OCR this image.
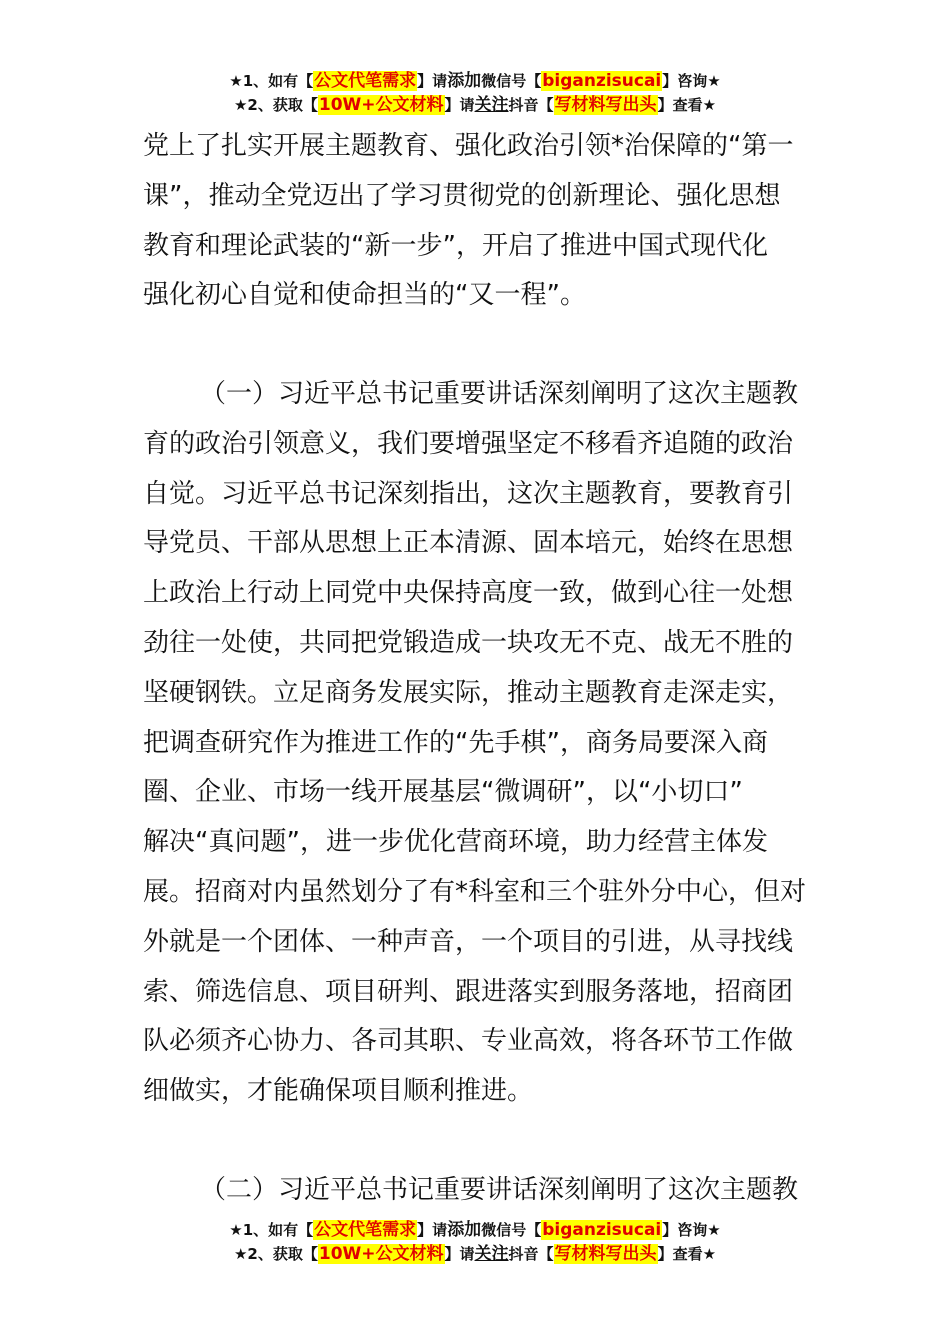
★1、如有【公文代笔需求】请添加微信号【biganzisucai】咨询★
★2、获取【10W+公文材料】请关注抖音【写材料写出头】查看★
党上了扎实开展主题教育、强化政治引领*治保障的“第一
课”，推动全党迈出了学习贯彻党的创新理论、强化思想
教育和理论武装的“新一步”，开启了推进中国式现代化
强化初心自觉和使命担当的“又一程”。
（一）习近平总书记重要讲话深刻阐明了这次主题教
育的政治引领意义，我们要增强坚定不移看齐追随的政治
自觉。习近平总书记深刻指出，这次主题教育，要教育引
导党员、干部从思想上正本清源、固本培元，始终在思想
上政治上行动上同党中央保持高度一致，做到心往一处想
劲往一处使，共同把党锻造成一块攻无不克、战无不胜的
坚硬钢铁。立足商务发展实际，推动主题教育走深走实，
把调查研究作为推进工作的“先手棋”，商务局要深入商
圈、企业、市场一线开展基层“微调研”，以“小切口”
解决“真问题”，进一步优化营商环境，助力经营主体发
展。招商对内虽然划分了有*科室和三个驻外分中心，但对
外就是一个团体、一种声音，一个项目的引进，从寻找线
索、筛选信息、项目研判、跟进落实到服务落地，招商团
队必须齐心协力、各司其职、专业高效，将各环节工作做
细做实，才能确保项目顺利推进。
（二）习近平总书记重要讲话深刻阐明了这次主题教
★1、如有【公文代笔需求】请添加微信号【biganzisucai】咨询★
★2、获取【10W+公文材料】请关注抖音【写材料写出头】查看★
